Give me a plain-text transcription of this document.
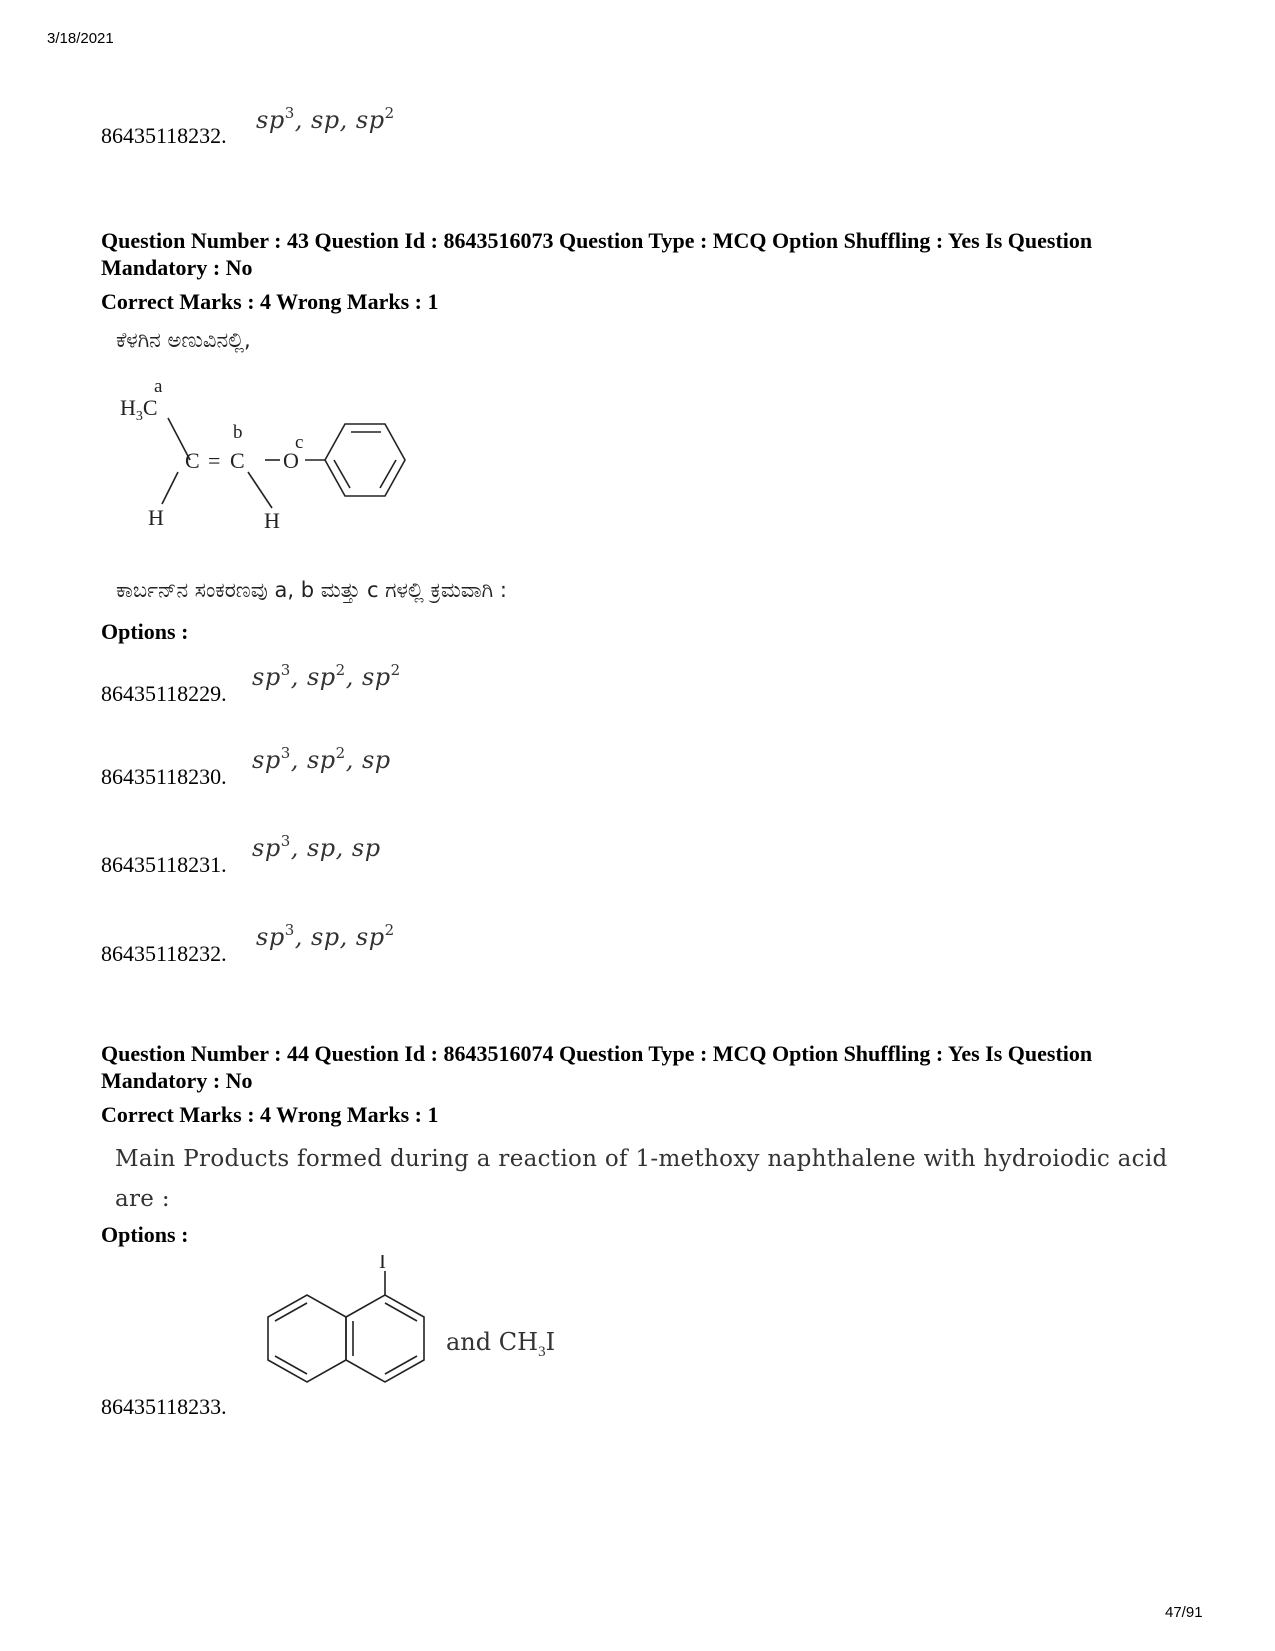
3/18/2021
47/91
86435118232.
$sp^3$, sp, $sp^2$
Question Number : 43 Question Id : 8643516073 Question Type : MCQ Option Shuffling : Yes Is Question Mandatory : No
Correct Marks : 4 Wrong Marks : 1
ಕೆಳಗಿನ ಅಣುವಿನಲ್ಲಿ,
$H_3C$
a
b	c
C = C O
H	H
ಕಾರ್ಬನ್‌ನ ಸಂಕರಣವು a, b ಮತ್ತು c ಗಳಲ್ಲಿ ಕ್ರಮವಾಗಿ :
Options :
86435118229.
$sp^3$, $sp^2$, $sp^2$
86435118230.
$sp^3$, $sp^2$, sp
86435118231.
$sp^3$, sp, sp
86435118232.
$sp^3$, sp, $sp^2$
Question Number : 44 Question Id : 8643516074 Question Type : MCQ Option Shuffling : Yes Is Question Mandatory : No
Correct Marks : 4 Wrong Marks : 1
Main Products formed during a reaction of 1-methoxy naphthalene with hydroiodic acid are :
Options :
I
and $CH_3I$
86435118233.
